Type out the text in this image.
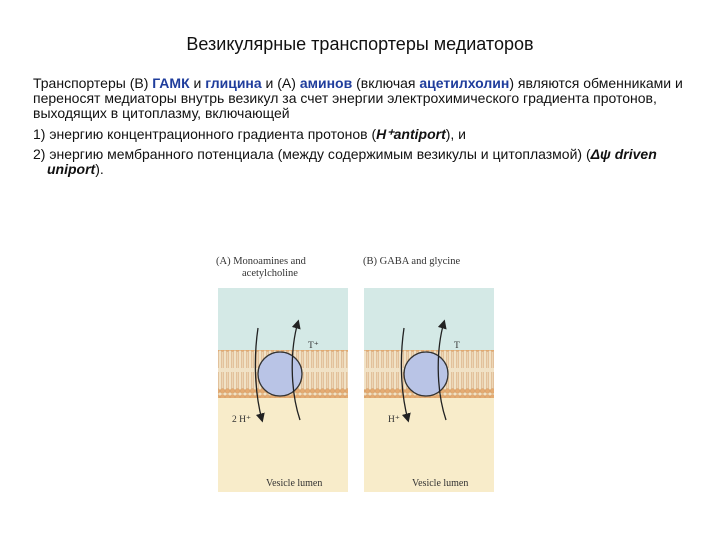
Везикулярные транспортеры медиаторов

Транспортеры (В) ГАМК и глицина и (А) аминов (включая ацетилхолин) являются обменниками и переносят медиаторы внутрь везикул за счет энергии электрохимического градиента протонов, выходящих в цитоплазму, включающей

1) энергию концентрационного градиента протонов (H⁺antiport), и

2) энергию мембранного потенциала (между содержимым везикулы и цитоплазмой) (Δψ driven uniport).

(A) Monoamines and
acetylcholine
(B) GABA and glycine
T⁺
2 H⁺
Vesicle lumen
T
H⁺
Vesicle lumen
